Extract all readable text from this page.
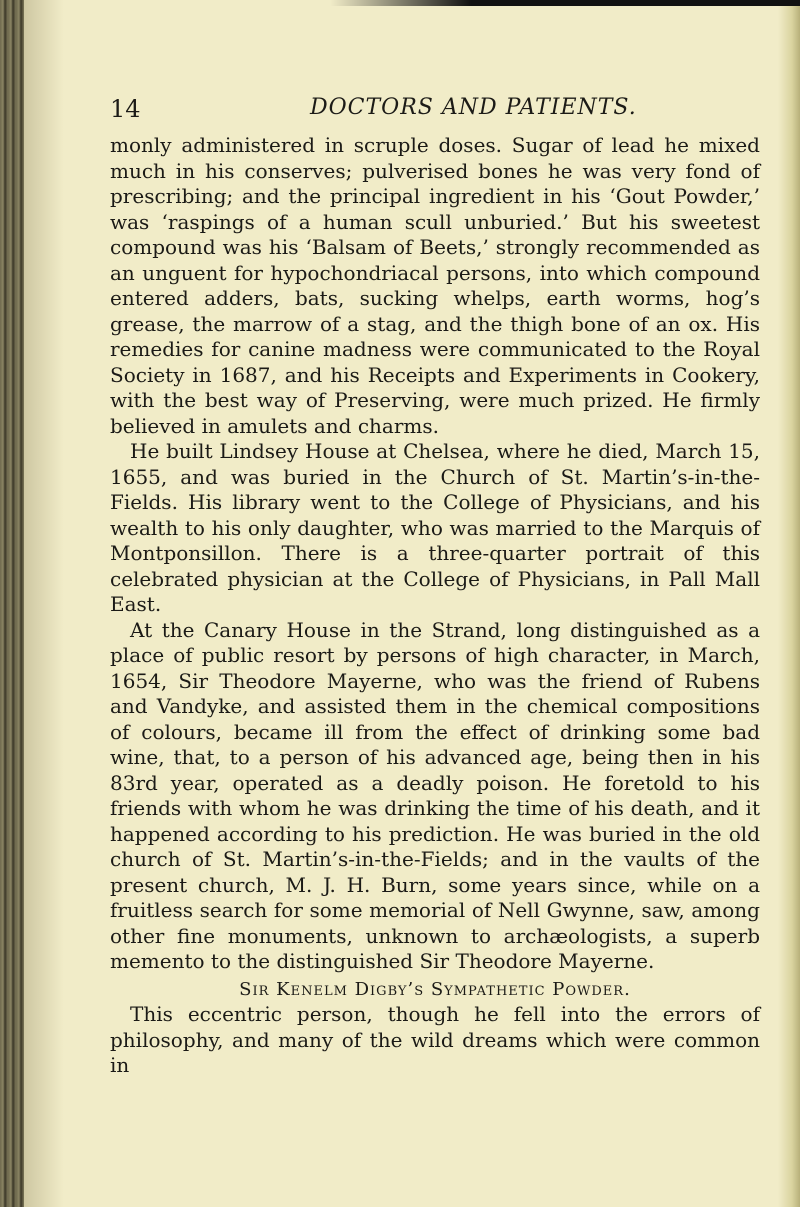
14	DOCTORS AND PATIENTS.

monly administered in scruple doses. Sugar of lead he mixed much in his conserves; pulverised bones he was very fond of prescribing; and the principal ingredient in his ‘Gout Powder,’ was ‘raspings of a human scull unburied.’ But his sweetest compound was his ‘Balsam of Beets,’ strongly recommended as an unguent for hypochondriacal persons, into which compound entered adders, bats, sucking whelps, earth worms, hog’s grease, the marrow of a stag, and the thigh bone of an ox. His remedies for canine madness were communicated to the Royal Society in 1687, and his Receipts and Experiments in Cookery, with the best way of Preserving, were much prized. He firmly believed in amulets and charms.

He built Lindsey House at Chelsea, where he died, March 15, 1655, and was buried in the Church of St. Martin’s-in-the-Fields. His library went to the College of Physicians, and his wealth to his only daughter, who was married to the Marquis of Montponsillon. There is a three-quarter portrait of this celebrated physician at the College of Physicians, in Pall Mall East.

At the Canary House in the Strand, long distinguished as a place of public resort by persons of high character, in March, 1654, Sir Theodore Mayerne, who was the friend of Rubens and Vandyke, and assisted them in the chemical compositions of colours, became ill from the effect of drinking some bad wine, that, to a person of his advanced age, being then in his 83rd year, operated as a deadly poison. He foretold to his friends with whom he was drinking the time of his death, and it happened according to his prediction. He was buried in the old church of St. Martin’s-in-the-Fields; and in the vaults of the present church, M. J. H. Burn, some years since, while on a fruitless search for some memorial of Nell Gwynne, saw, among other fine monuments, unknown to archæologists, a superb memento to the distinguished Sir Theodore Mayerne.

Sir Kenelm Digby’s Sympathetic Powder.

This eccentric person, though he fell into the errors of philosophy, and many of the wild dreams which were common in
